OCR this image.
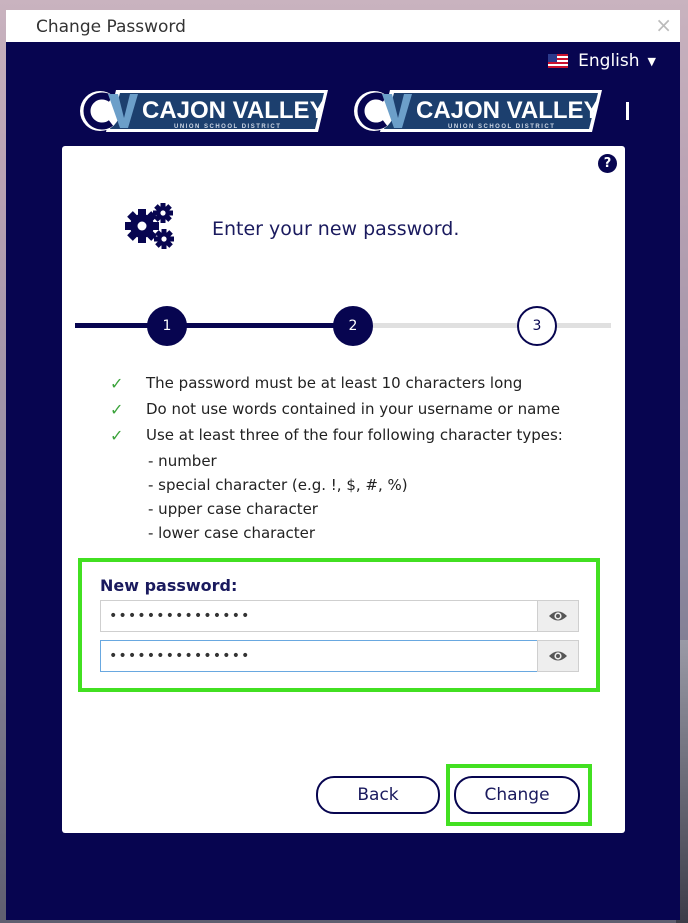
Change Password	×
English ▼
CAJON VALLEY
UNION SCHOOL DISTRICT
CAJON VALLEY
UNION SCHOOL DISTRICT
?
Enter your new password.
1	2	3
✓ The password must be at least 10 characters long
✓ Do not use words contained in your username or name
✓ Use at least three of the four following character types:
- number
- special character (e.g. !, $, #, %)
- upper case character
- lower case character
New password:
•••••••••••••••
•••••••••••••••
Back	Change
